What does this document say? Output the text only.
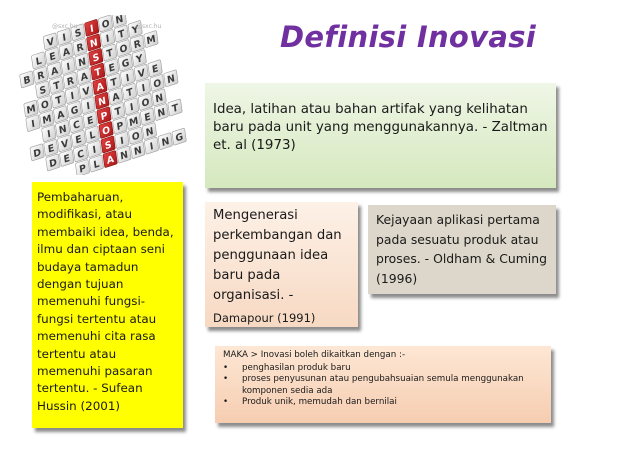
V I S I O N
L E A R N I T Y
B R A I N S T O R M
S T R A T E G Y
M O T I V A T I V E
I M A G I N A T I O N
I N C E P T I O N
D E V E L O P M E N T
D E C I S I O N
P L A N N I N G
@sxc.hu	@sxc.hu	Definisi Inovasi
Idea, latihan atau bahan artifak yang kelihatan baru pada unit yang menggunakannya. - Zaltman et. al (1973)
Pembaharuan, modifikasi, atau membaiki idea, benda, ilmu dan ciptaan seni budaya tamadun dengan tujuan memenuhi fungsi-fungsi tertentu atau memenuhi cita rasa tertentu atau memenuhi pasaran tertentu. - Sufean Hussin (2001)
Mengenerasi perkembangan dan penggunaan idea baru pada organisasi. -
Damapour (1991)
Kejayaan aplikasi pertama pada sesuatu produk atau proses. - Oldham & Cuming (1996)
MAKA > Inovasi boleh dikaitkan dengan :-
• penghasilan produk baru
• proses penyusunan atau pengubahsuaian semula menggunakan komponen sedia ada
• Produk unik, memudah dan bernilai
